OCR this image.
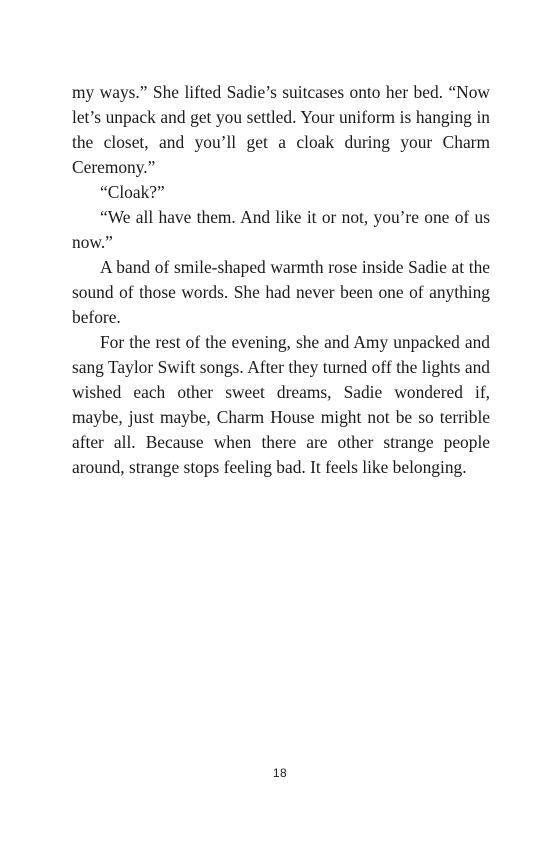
my ways.” She lifted Sadie’s suitcases onto her bed. “Now let’s unpack and get you settled. Your uniform is hanging in the closet, and you’ll get a cloak during your Charm Ceremony.”

“Cloak?”

“We all have them. And like it or not, you’re one of us now.”

A band of smile-shaped warmth rose inside Sadie at the sound of those words. She had never been one of anything before.

For the rest of the evening, she and Amy unpacked and sang Taylor Swift songs. After they turned off the lights and wished each other sweet dreams, Sadie wondered if, maybe, just maybe, Charm House might not be so terrible after all. Because when there are other strange people around, strange stops feeling bad. It feels like belonging.

18
